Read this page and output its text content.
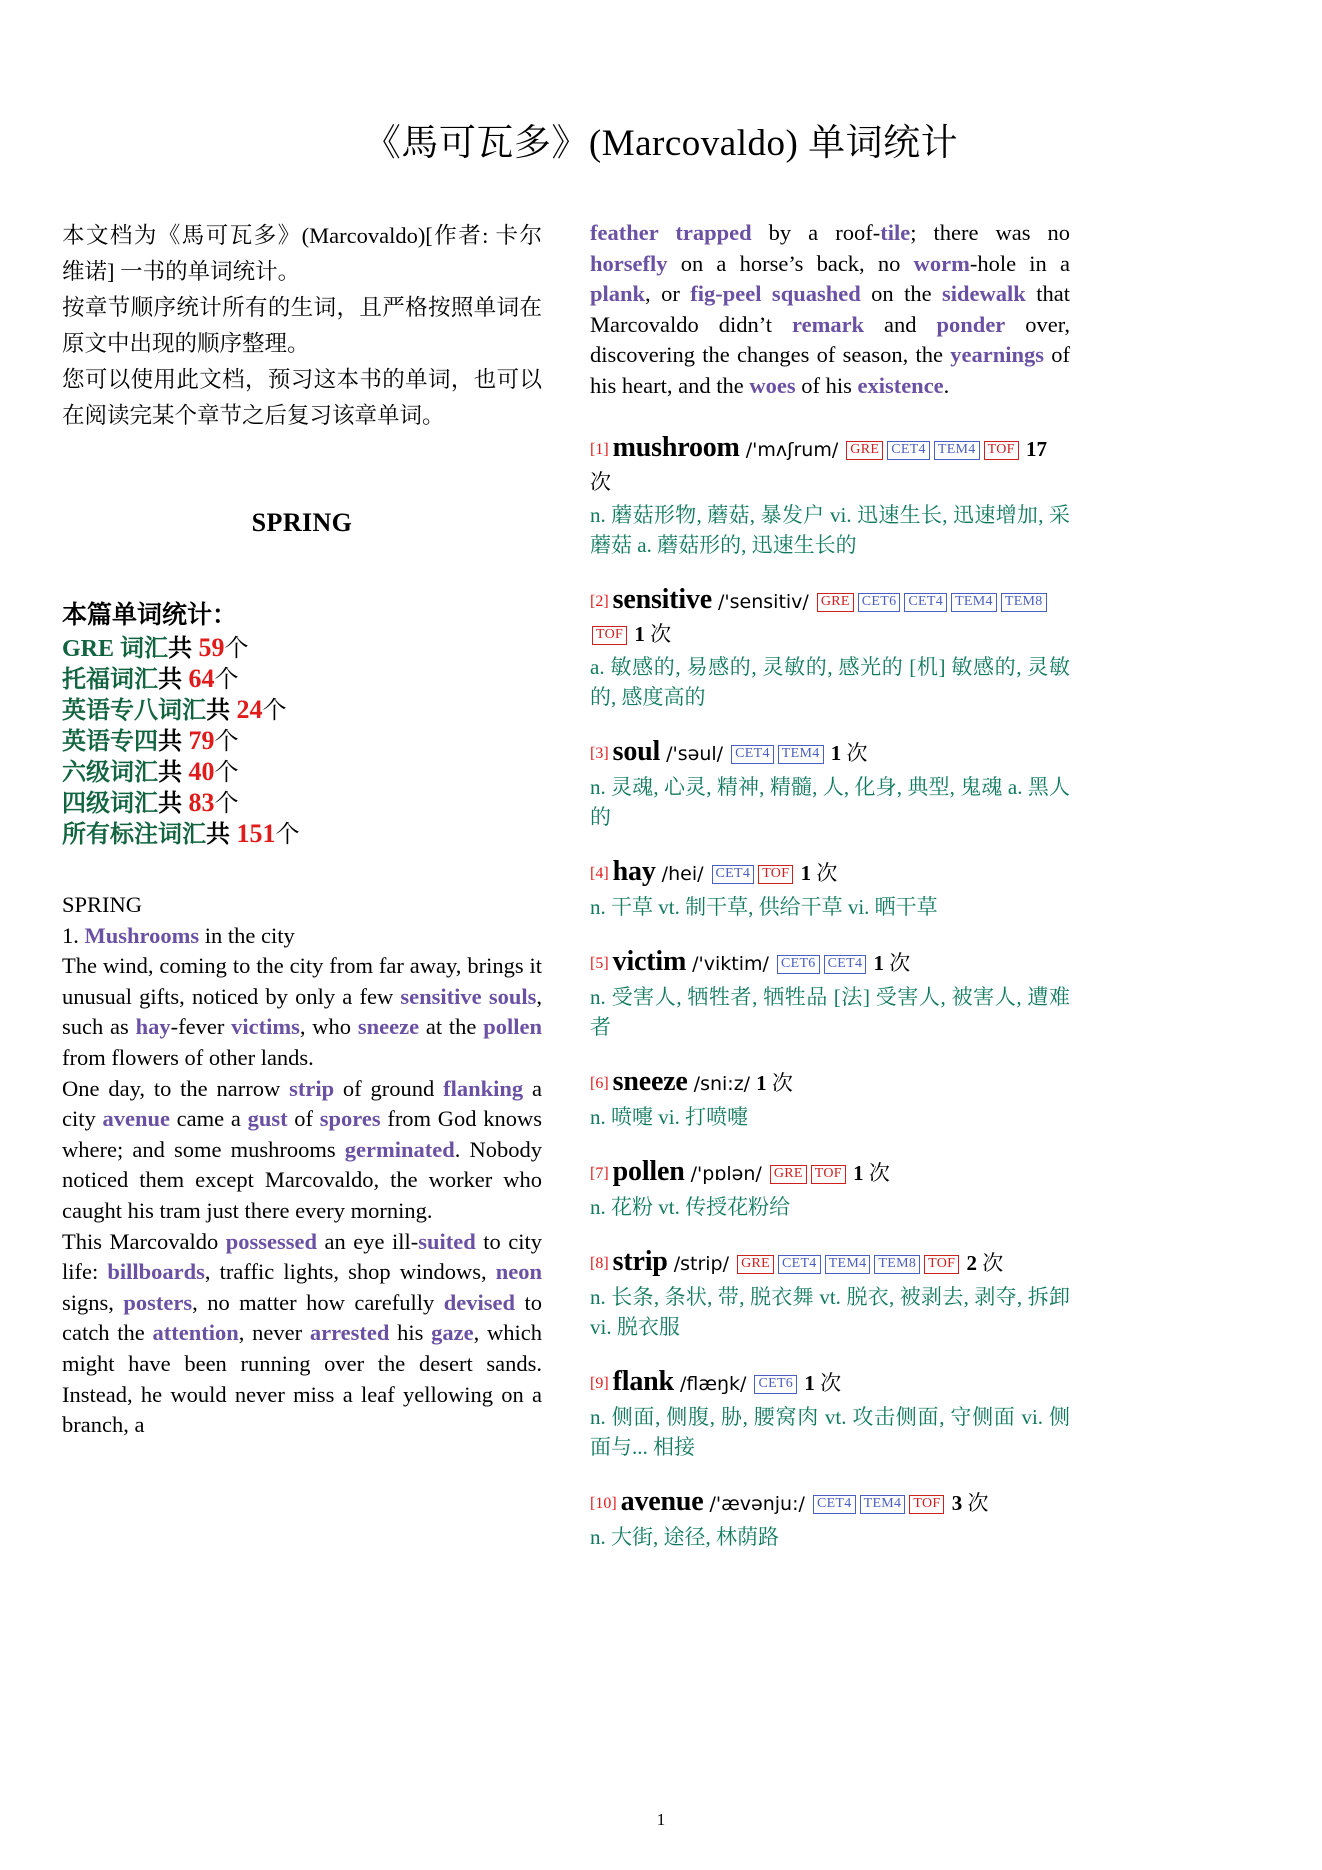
《馬可瓦多》(Marcovaldo) 单词统计

本文档为《馬可瓦多》(Marcovaldo)[作者: 卡尔维诺] 一书的单词统计。

按章节顺序统计所有的生词，且严格按照单词在原文中出现的顺序整理。

您可以使用此文档，预习这本书的单词，也可以在阅读完某个章节之后复习该章单词。

SPRING
本篇单词统计：
GRE 词汇共 59个
托福词汇共 64个
英语专八词汇共 24个
英语专四共 79个
六级词汇共 40个
四级词汇共 83个
所有标注词汇共 151个

SPRING

1. Mushrooms in the city

The wind, coming to the city from far away, brings it unusual gifts, noticed by only a few sensitive souls, such as hay-fever victims, who sneeze at the pollen from flowers of other lands.

One day, to the narrow strip of ground flanking a city avenue came a gust of spores from God knows where; and some mushrooms germinated. Nobody noticed them except Marcovaldo, the worker who caught his tram just there every morning.

This Marcovaldo possessed an eye ill-suited to city life: billboards, traffic lights, shop windows, neon signs, posters, no matter how carefully devised to catch the attention, never arrested his gaze, which might have been running over the desert sands. Instead, he would never miss a leaf yellowing on a branch, a

feather trapped by a roof-tile; there was no horsefly on a horse’s back, no worm-hole in a plank, or fig-peel squashed on the sidewalk that Marcovaldo didn’t remark and ponder over, discovering the changes of season, the yearnings of his heart, and the woes of his existence.

[1] mushroom /'mʌʃrum/ GRE CET4 TEM4 TOF 17 次
n. 蘑菇形物, 蘑菇, 暴发户 vi. 迅速生长, 迅速增加, 采蘑菇 a. 蘑菇形的, 迅速生长的
[2] sensitive /'sensitiv/ GRE CET6 CET4 TEM4 TEM8TOF 1 次
a. 敏感的, 易感的, 灵敏的, 感光的 [机] 敏感的, 灵敏的, 感度高的
[3] soul /'səul/ CET4 TEM4 1 次
n. 灵魂, 心灵, 精神, 精髓, 人, 化身, 典型, 鬼魂 a. 黑人的
[4] hay /hei/ CET4 TOF 1 次
n. 干草 vt. 制干草, 供给干草 vi. 晒干草
[5] victim /'viktim/ CET6 CET4 1 次
n. 受害人, 牺牲者, 牺牲品 [法] 受害人, 被害人, 遭难者
[6] sneeze /sni:z/ 1 次
n. 喷嚏 vi. 打喷嚏
[7] pollen /'pɒlən/ GRE TOF 1 次
n. 花粉 vt. 传授花粉给
[8] strip /strip/ GRE CET4 TEM4 TEM8 TOF 2 次
n. 长条, 条状, 带, 脱衣舞 vt. 脱衣, 被剥去, 剥夺, 拆卸 vi. 脱衣服
[9] flank /flæŋk/ CET6 1 次
n. 侧面, 侧腹, 胁, 腰窝肉 vt. 攻击侧面, 守侧面 vi. 侧面与... 相接
[10] avenue /'ævənju:/ CET4 TEM4 TOF 3 次
n. 大街, 途径, 林荫路
1
